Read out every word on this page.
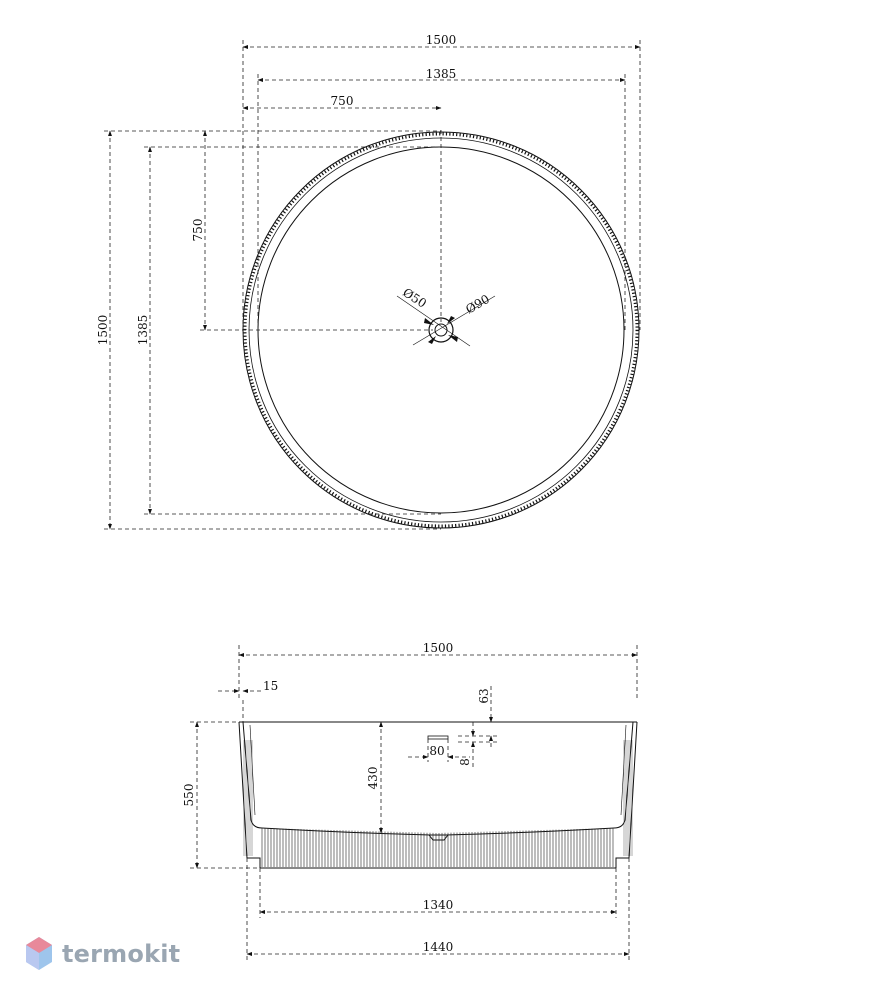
Ø50	Ø90
1500
1385
750
1500 1385
750
80
63
8
1500
15
550
430
1340
1440
termokit
